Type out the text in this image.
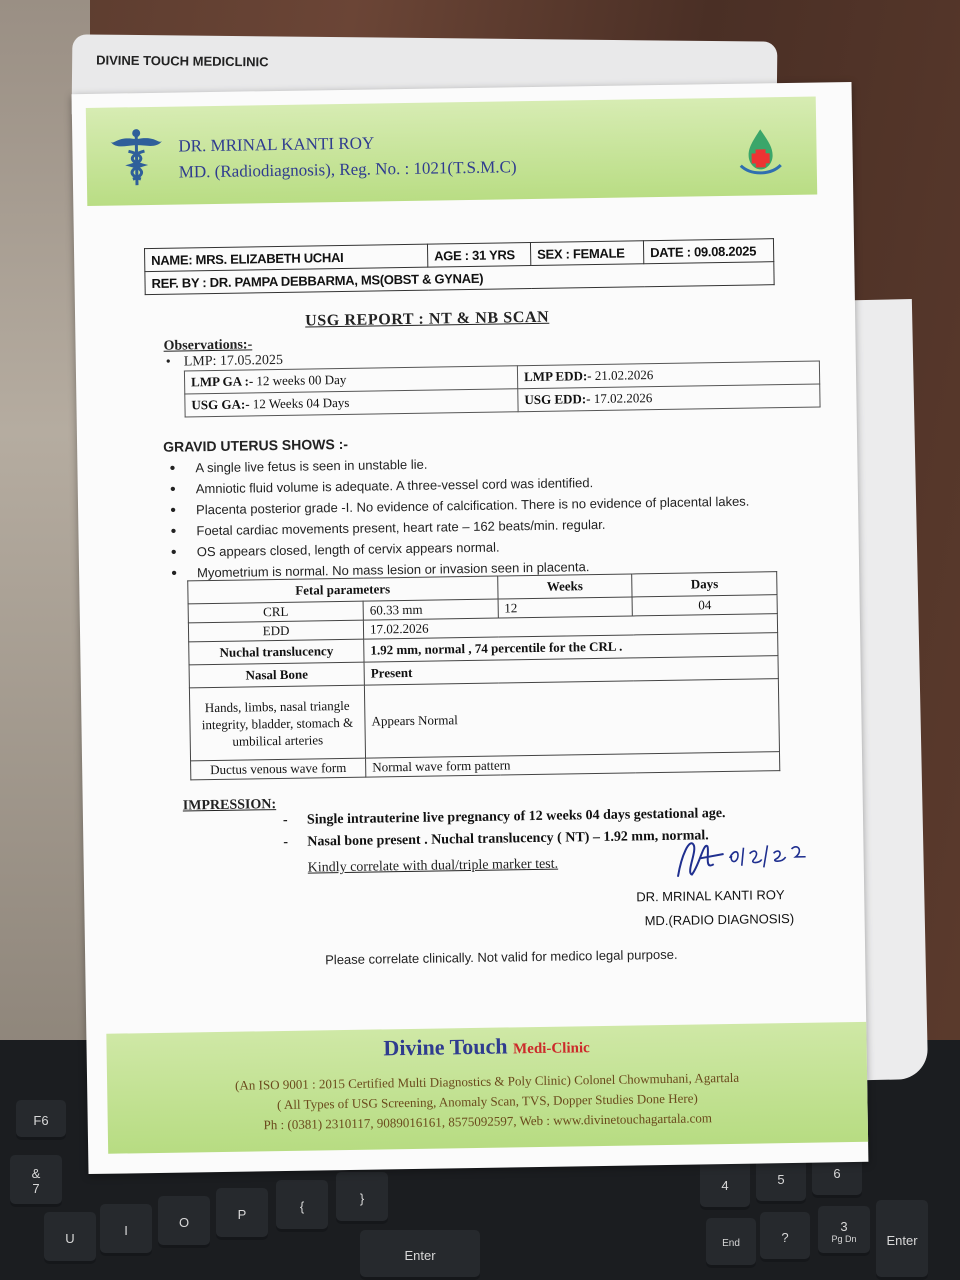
F6
&
7
U
I
O
P
{
}
Enter
4	5	6
3
Pg Dn	Enter
End	?
DIVINE TOUCH MEDICLINIC
DR. MRINAL KANTI ROY
MD. (Radiodiagnosis), Reg. No. : 1021(T.S.M.C)
NAME: MRS. ELIZABETH UCHAI	AGE : 31 YRS	SEX : FEMALE	DATE : 09.08.2025
REF. BY : DR. PAMPA DEBBARMA, MS(OBST & GYNAE)
USG REPORT : NT & NB SCAN
Observations:-
• LMP: 17.05.2025
LMP GA :- 12 weeks 00 Day	LMP EDD:- 21.02.2026
USG GA:- 12 Weeks 04 Days	USG EDD:- 17.02.2026
GRAVID UTERUS SHOWS :-
● A single live fetus is seen in unstable lie.
● Amniotic fluid volume is adequate. A three-vessel cord was identified.
● Placenta posterior grade -I. No evidence of calcification. There is no evidence of placental lakes.
● Foetal cardiac movements present, heart rate – 162 beats/min. regular.
● OS appears closed, length of cervix appears normal.
● Myometrium is normal. No mass lesion or invasion seen in placenta.
Fetal parameters		Weeks	Days
CRL	60.33 mm	12	04
EDD	17.02.2026		
Nuchal translucency	1.92 mm, normal , 74 percentile for the CRL .		
Nasal Bone	Present		
Hands, limbs, nasal triangle integrity, bladder, stomach & umbilical arteries	Appears Normal		
Ductus venous wave form	Normal wave form pattern		
IMPRESSION:
- Single intrauterine live pregnancy of 12 weeks 04 days gestational age.
- Nasal bone present . Nuchal translucency ( NT) – 1.92 mm, normal.
Kindly correlate with dual/triple marker test.
DR. MRINAL KANTI ROY
MD.(RADIO DIAGNOSIS)
Please correlate clinically. Not valid for medico legal purpose.
Divine Touch Medi-Clinic
(An ISO 9001 : 2015 Certified Multi Diagnostics & Poly Clinic) Colonel Chowmuhani, Agartala
( All Types of USG Screening, Anomaly Scan, TVS, Dopper Studies Done Here)
Ph : (0381) 2310117, 9089016161, 8575092597, Web : www.divinetouchagartala.com
